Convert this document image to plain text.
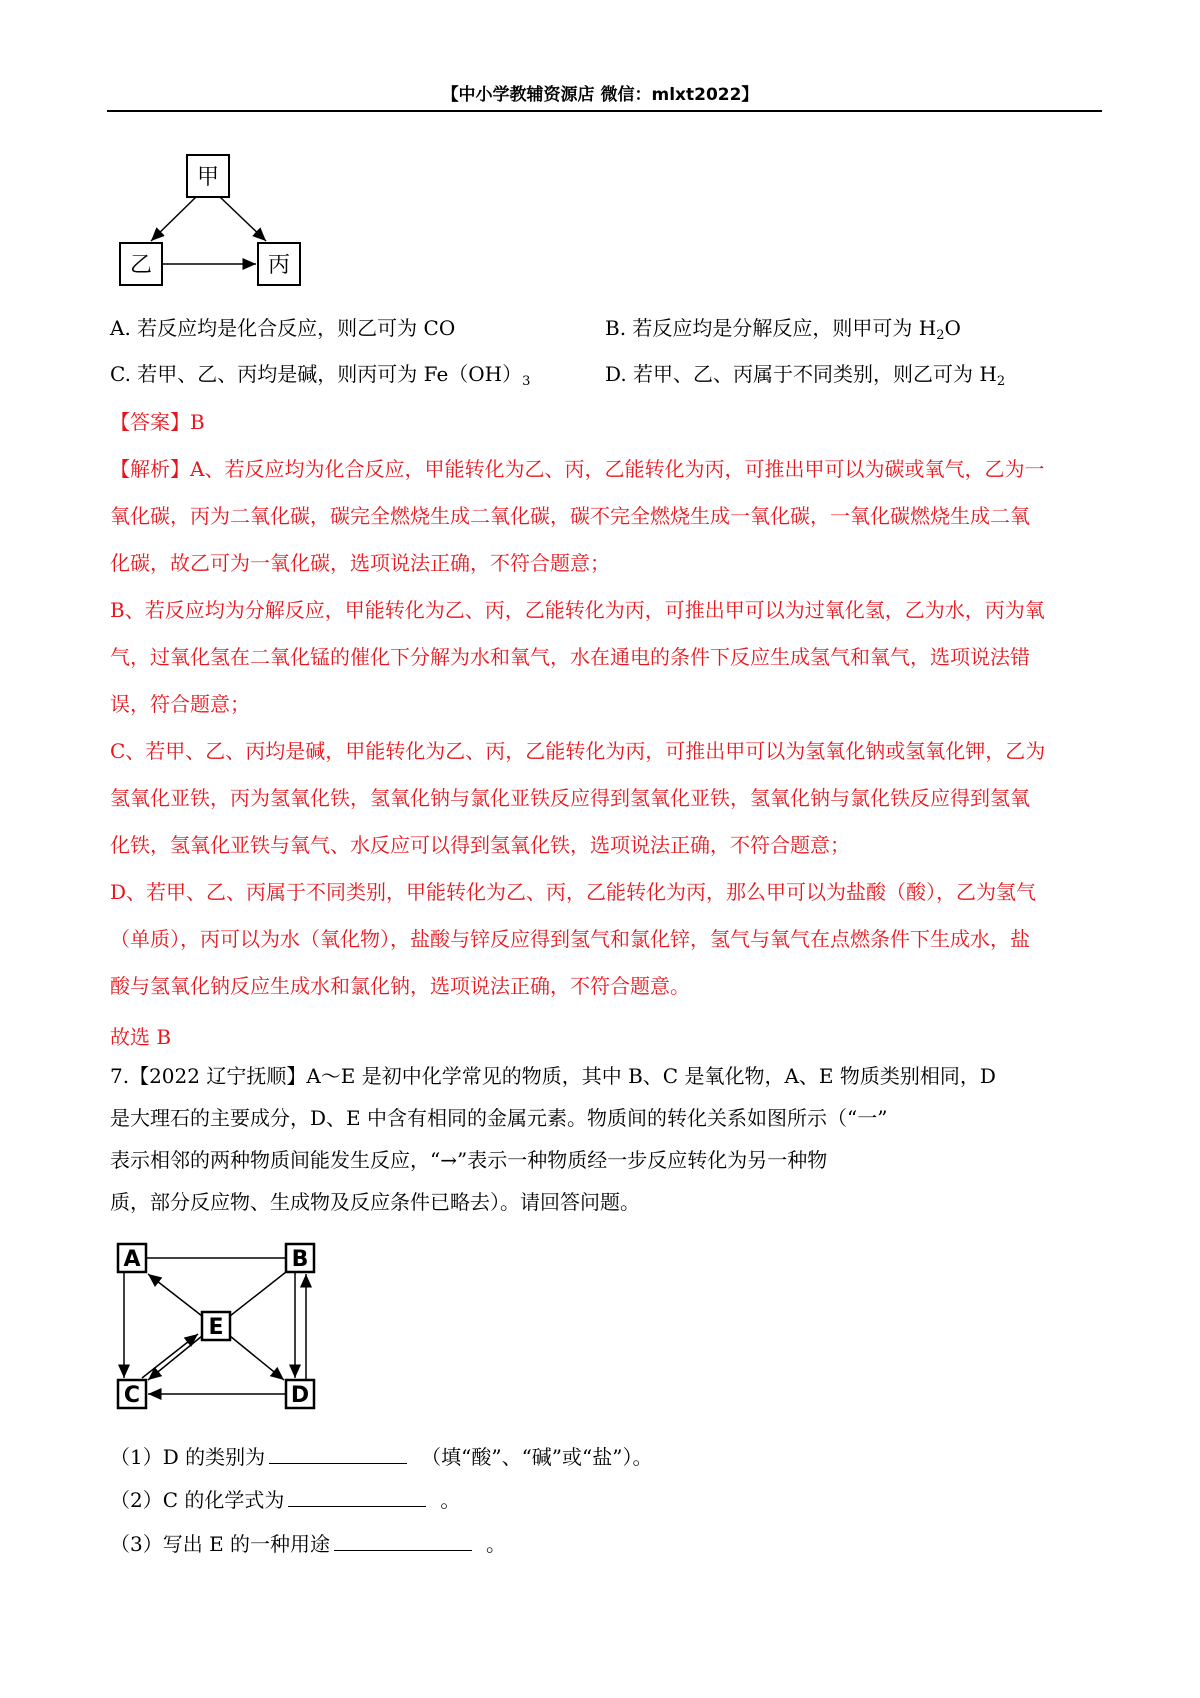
【中小学教辅资源店 微信：mlxt2022】
甲
乙	丙
A. 若反应均是化合反应，则乙可为 CO	B. 若反应均是分解反应，则甲可为 $H_2O$
C. 若甲、乙、丙均是碱，则丙可为 $Fe(OH)_3$	D. 若甲、乙、丙属于不同类别，则乙可为 $H_2$
【答案】B
【解析】A、若反应均为化合反应，甲能转化为乙、丙，乙能转化为丙，可推出甲可以为碳或氧气，乙为一
氧化碳，丙为二氧化碳，碳完全燃烧生成二氧化碳，碳不完全燃烧生成一氧化碳，一氧化碳燃烧生成二氧
化碳，故乙可为一氧化碳，选项说法正确，不符合题意；
B、若反应均为分解反应，甲能转化为乙、丙，乙能转化为丙，可推出甲可以为过氧化氢，乙为水，丙为氧
气，过氧化氢在二氧化锰的催化下分解为水和氧气，水在通电的条件下反应生成氢气和氧气，选项说法错
误，符合题意；
C、若甲、乙、丙均是碱，甲能转化为乙、丙，乙能转化为丙，可推出甲可以为氢氧化钠或氢氧化钾，乙为
氢氧化亚铁，丙为氢氧化铁，氢氧化钠与氯化亚铁反应得到氢氧化亚铁，氢氧化钠与氯化铁反应得到氢氧
化铁，氢氧化亚铁与氧气、水反应可以得到氢氧化铁，选项说法正确，不符合题意；
D、若甲、乙、丙属于不同类别，甲能转化为乙、丙，乙能转化为丙，那么甲可以为盐酸（酸），乙为氢气
（单质），丙可以为水（氧化物），盐酸与锌反应得到氢气和氯化锌，氢气与氧气在点燃条件下生成水，盐
酸与氢氧化钠反应生成水和氯化钠，选项说法正确，不符合题意。
故选 B
7.【2022 辽宁抚顺】A～E 是初中化学常见的物质，其中 B、C 是氧化物，A、E 物质类别相同，D
是大理石的主要成分，D、E 中含有相同的金属元素。物质间的转化关系如图所示（“一”
表示相邻的两种物质间能发生反应，“→”表示一种物质经一步反应转化为另一种物
质，部分反应物、生成物及反应条件已略去）。请回答问题。
A	B
C	D
E
（1）D 的类别为	（填“酸”、“碱”或“盐”）。
（2）C 的化学式为	。
（3）写出 E 的一种用途	。
